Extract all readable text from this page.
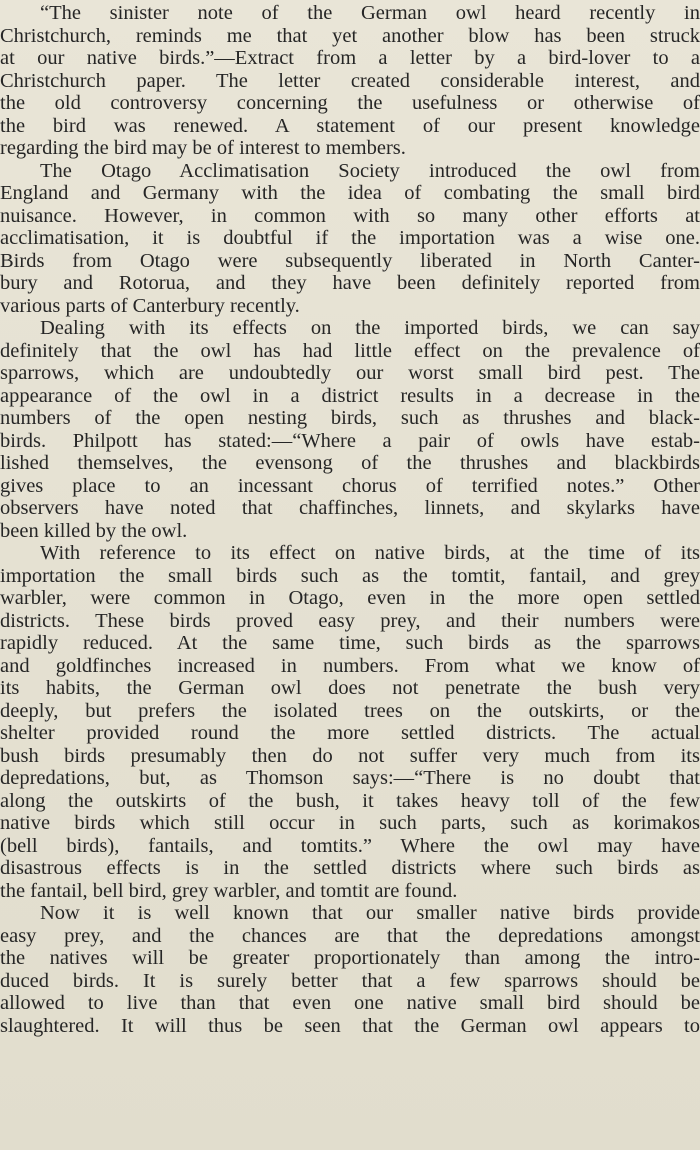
“The sinister note of the German owl heard recently in
Christchurch, reminds me that yet another blow has been struck
at our native birds.”—Extract from a letter by a bird-lover to a
Christchurch paper. The letter created considerable interest, and
the old controversy concerning the usefulness or otherwise of
the bird was renewed. A statement of our present knowledge
regarding the bird may be of interest to members.
The Otago Acclimatisation Society introduced the owl from
England and Germany with the idea of combating the small bird
nuisance. However, in common with so many other efforts at
acclimatisation, it is doubtful if the importation was a wise one.
Birds from Otago were subsequently liberated in North Canter-
bury and Rotorua, and they have been definitely reported from
various parts of Canterbury recently.
Dealing with its effects on the imported birds, we can say
definitely that the owl has had little effect on the prevalence of
sparrows, which are undoubtedly our worst small bird pest. The
appearance of the owl in a district results in a decrease in the
numbers of the open nesting birds, such as thrushes and black-
birds. Philpott has stated:—“Where a pair of owls have estab-
lished themselves, the evensong of the thrushes and blackbirds
gives place to an incessant chorus of terrified notes.” Other
observers have noted that chaffinches, linnets, and skylarks have
been killed by the owl.
With reference to its effect on native birds, at the time of its
importation the small birds such as the tomtit, fantail, and grey
warbler, were common in Otago, even in the more open settled
districts. These birds proved easy prey, and their numbers were
rapidly reduced. At the same time, such birds as the sparrows
and goldfinches increased in numbers. From what we know of
its habits, the German owl does not penetrate the bush very
deeply, but prefers the isolated trees on the outskirts, or the
shelter provided round the more settled districts. The actual
bush birds presumably then do not suffer very much from its
depredations, but, as Thomson says:—“There is no doubt that
along the outskirts of the bush, it takes heavy toll of the few
native birds which still occur in such parts, such as korimakos
(bell birds), fantails, and tomtits.” Where the owl may have
disastrous effects is in the settled districts where such birds as
the fantail, bell bird, grey warbler, and tomtit are found.
Now it is well known that our smaller native birds provide
easy prey, and the chances are that the depredations amongst
the natives will be greater proportionately than among the intro-
duced birds. It is surely better that a few sparrows should be
allowed to live than that even one native small bird should be
slaughtered. It will thus be seen that the German owl appears to
